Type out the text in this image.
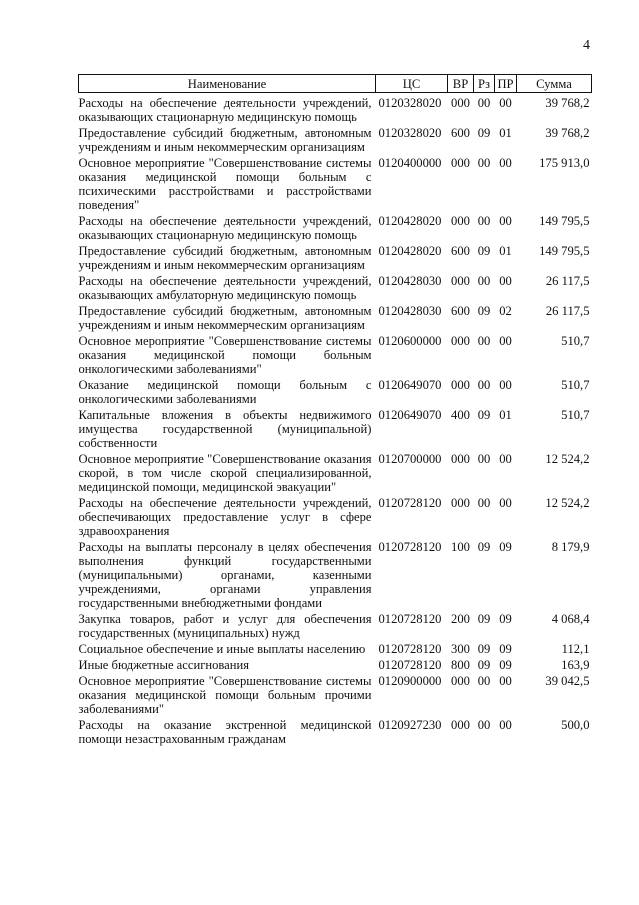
4
Наименование	ЦС	ВР	Рз	ПР	Сумма
Расходы на обеспечение деятельности учреждений, оказывающих стационарную медицинскую помощь	0120328020	000	00	00	39 768,2
Предоставление субсидий бюджетным, автономным учреждениям и иным некоммерческим организациям	0120328020	600	09	01	39 768,2
Основное мероприятие "Совершенствование системы оказания медицинской помощи больным с психическими расстройствами и расстройствами поведения"	0120400000	000	00	00	175 913,0
Расходы на обеспечение деятельности учреждений, оказывающих стационарную медицинскую помощь	0120428020	000	00	00	149 795,5
Предоставление субсидий бюджетным, автономным учреждениям и иным некоммерческим организациям	0120428020	600	09	01	149 795,5
Расходы на обеспечение деятельности учреждений, оказывающих амбулаторную медицинскую помощь	0120428030	000	00	00	26 117,5
Предоставление субсидий бюджетным, автономным учреждениям и иным некоммерческим организациям	0120428030	600	09	02	26 117,5
Основное мероприятие "Совершенствование системы оказания медицинской помощи больным онкологическими заболеваниями"	0120600000	000	00	00	510,7
Оказание медицинской помощи больным с онкологическими заболеваниями	0120649070	000	00	00	510,7
Капитальные вложения в объекты недвижимого имущества государственной (муниципальной) собственности	0120649070	400	09	01	510,7
Основное мероприятие "Совершенствование оказания скорой, в том числе скорой специализированной, медицинской помощи, медицинской эвакуации"	0120700000	000	00	00	12 524,2
Расходы на обеспечение деятельности учреждений, обеспечивающих предоставление услуг в сфере здравоохранения	0120728120	000	00	00	12 524,2
Расходы на выплаты персоналу в целях обеспечения выполнения функций государственными (муниципальными) органами, казенными учреждениями, органами управления государственными внебюджетными фондами	0120728120	100	09	09	8 179,9
Закупка товаров, работ и услуг для обеспечения государственных (муниципальных) нужд	0120728120	200	09	09	4 068,4
Социальное обеспечение и иные выплаты населению	0120728120	300	09	09	112,1
Иные бюджетные ассигнования	0120728120	800	09	09	163,9
Основное мероприятие "Совершенствование системы оказания медицинской помощи больным прочими заболеваниями"	0120900000	000	00	00	39 042,5
Расходы на оказание экстренной медицинской помощи незастрахованным гражданам	0120927230	000	00	00	500,0
